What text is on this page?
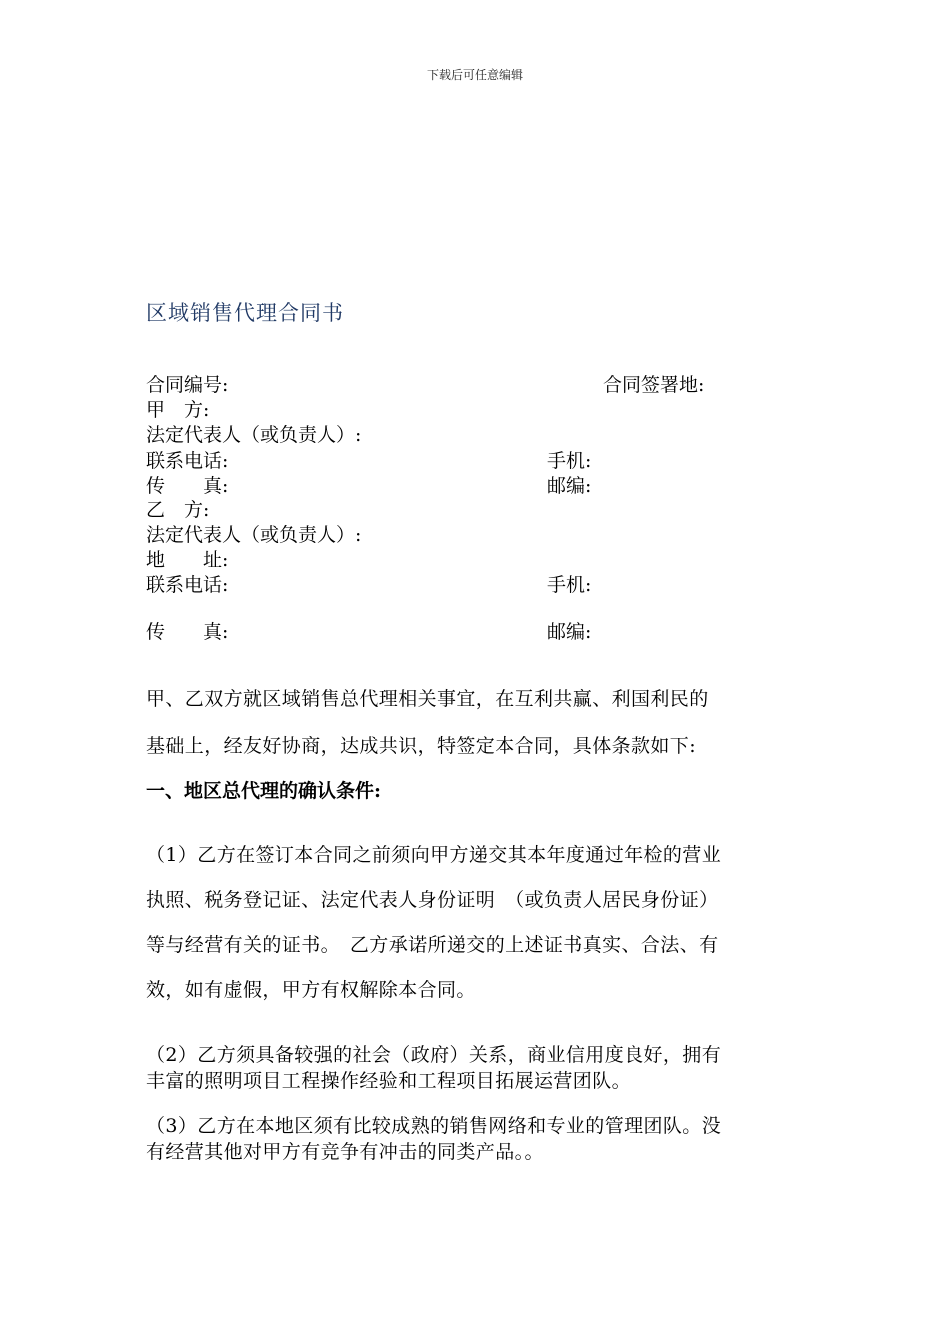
下载后可任意编辑
区域销售代理合同书
合同编号:	合同签署地:
甲　方:
法定代表人（或负责人）:
联系电话:	手机:
传　　真:	邮编:
乙　方:
法定代表人（或负责人）:
地　　址:
联系电话:	手机:
传　　真:	邮编:
甲、乙双方就区域销售总代理相关事宜，在互利共赢、利国利民的
基础上，经友好协商，达成共识，特签定本合同，具体条款如下:
一、地区总代理的确认条件:
（1）乙方在签订本合同之前须向甲方递交其本年度通过年检的营业
执照、税务登记证、法定代表人身份证明　（或负责人居民身份证）
等与经营有关的证书。　乙方承诺所递交的上述证书真实、合法、有
效，如有虚假，甲方有权解除本合同。
（2）乙方须具备较强的社会（政府）关系，商业信用度良好，拥有
丰富的照明项目工程操作经验和工程项目拓展运营团队。
（3）乙方在本地区须有比较成熟的销售网络和专业的管理团队。没
有经营其他对甲方有竞争有冲击的同类产品。。
